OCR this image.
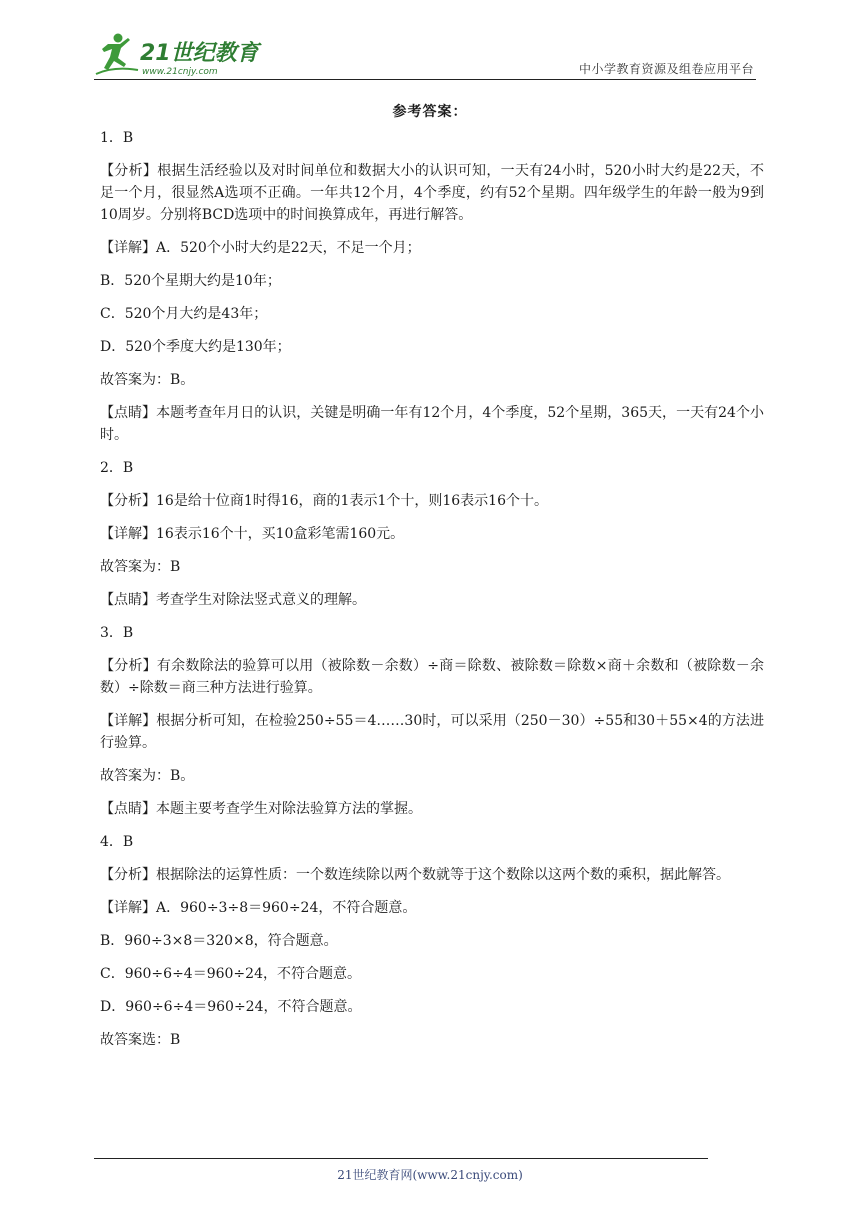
21世纪教育
www.21cnjy.com	中小学教育资源及组卷应用平台
参考答案：

1．B

【分析】根据生活经验以及对时间单位和数据大小的认识可知，一天有24小时，520小时大约是22天，不足一个月，很显然A选项不正确。一年共12个月，4个季度，约有52个星期。四年级学生的年龄一般为9到10周岁。分别将BCD选项中的时间换算成年，再进行解答。

【详解】A．520个小时大约是22天，不足一个月；

B．520个星期大约是10年；

C．520个月大约是43年；

D．520个季度大约是130年；

故答案为：B。

【点睛】本题考查年月日的认识，关键是明确一年有12个月，4个季度，52个星期，365天，一天有24个小时。

2．B

【分析】16是给十位商1时得16，商的1表示1个十，则16表示16个十。

【详解】16表示16个十，买10盒彩笔需160元。

故答案为：B

【点睛】考查学生对除法竖式意义的理解。

3．B

【分析】有余数除法的验算可以用（被除数－余数）÷商＝除数、被除数＝除数×商＋余数和（被除数－余数）÷除数＝商三种方法进行验算。

【详解】根据分析可知，在检验250÷55＝4……30时，可以采用（250－30）÷55和30＋55×4的方法进行验算。

故答案为：B。

【点睛】本题主要考查学生对除法验算方法的掌握。

4．B

【分析】根据除法的运算性质：一个数连续除以两个数就等于这个数除以这两个数的乘积，据此解答。

【详解】A．960÷3÷8＝960÷24，不符合题意。

B．960÷3×8＝320×8，符合题意。

C．960÷6÷4＝960÷24，不符合题意。

D．960÷6÷4＝960÷24，不符合题意。

故答案选：B

21世纪教育网(www.21cnjy.com)
